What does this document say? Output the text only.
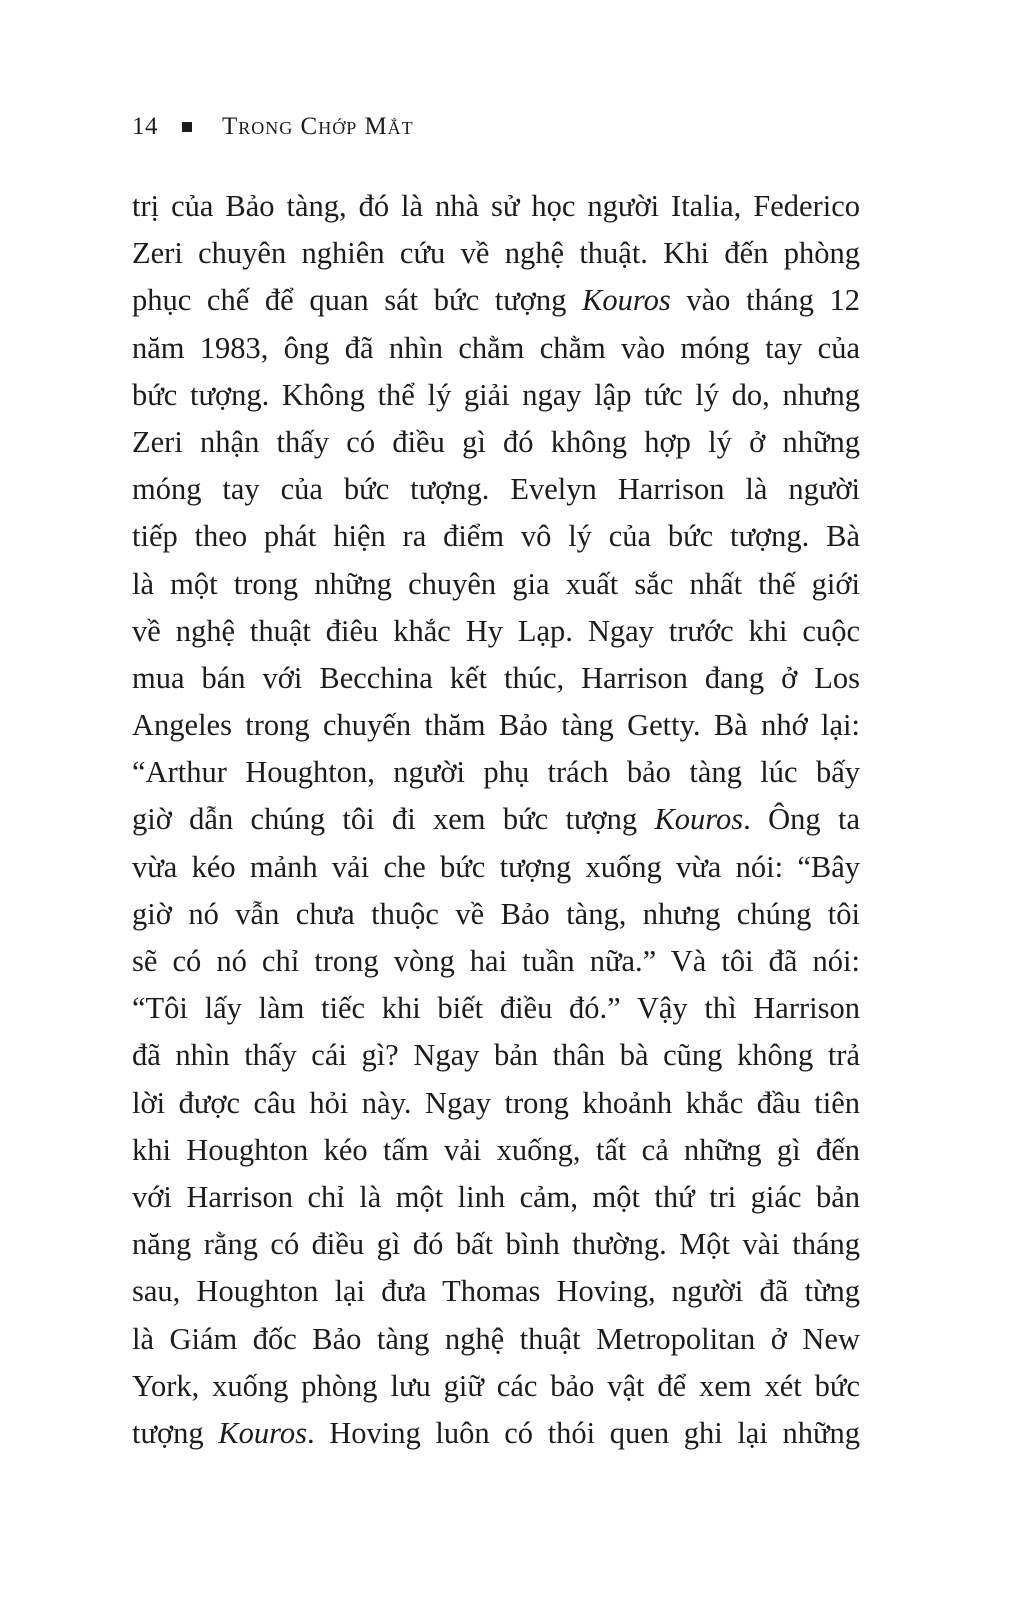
14	Trong Chớp Mắt
trị của Bảo tàng, đó là nhà sử học người Italia, Federico
Zeri chuyên nghiên cứu về nghệ thuật. Khi đến phòng
phục chế để quan sát bức tượng Kouros vào tháng 12
năm 1983, ông đã nhìn chằm chằm vào móng tay của
bức tượng. Không thể lý giải ngay lập tức lý do, nhưng
Zeri nhận thấy có điều gì đó không hợp lý ở những
móng tay của bức tượng. Evelyn Harrison là người
tiếp theo phát hiện ra điểm vô lý của bức tượng. Bà
là một trong những chuyên gia xuất sắc nhất thế giới
về nghệ thuật điêu khắc Hy Lạp. Ngay trước khi cuộc
mua bán với Becchina kết thúc, Harrison đang ở Los
Angeles trong chuyến thăm Bảo tàng Getty. Bà nhớ lại:
“Arthur Houghton, người phụ trách bảo tàng lúc bấy
giờ dẫn chúng tôi đi xem bức tượng Kouros. Ông ta
vừa kéo mảnh vải che bức tượng xuống vừa nói: “Bây
giờ nó vẫn chưa thuộc về Bảo tàng, nhưng chúng tôi
sẽ có nó chỉ trong vòng hai tuần nữa.” Và tôi đã nói:
“Tôi lấy làm tiếc khi biết điều đó.” Vậy thì Harrison
đã nhìn thấy cái gì? Ngay bản thân bà cũng không trả
lời được câu hỏi này. Ngay trong khoảnh khắc đầu tiên
khi Houghton kéo tấm vải xuống, tất cả những gì đến
với Harrison chỉ là một linh cảm, một thứ tri giác bản
năng rằng có điều gì đó bất bình thường. Một vài tháng
sau, Houghton lại đưa Thomas Hoving, người đã từng
là Giám đốc Bảo tàng nghệ thuật Metropolitan ở New
York, xuống phòng lưu giữ các bảo vật để xem xét bức
tượng Kouros. Hoving luôn có thói quen ghi lại những
